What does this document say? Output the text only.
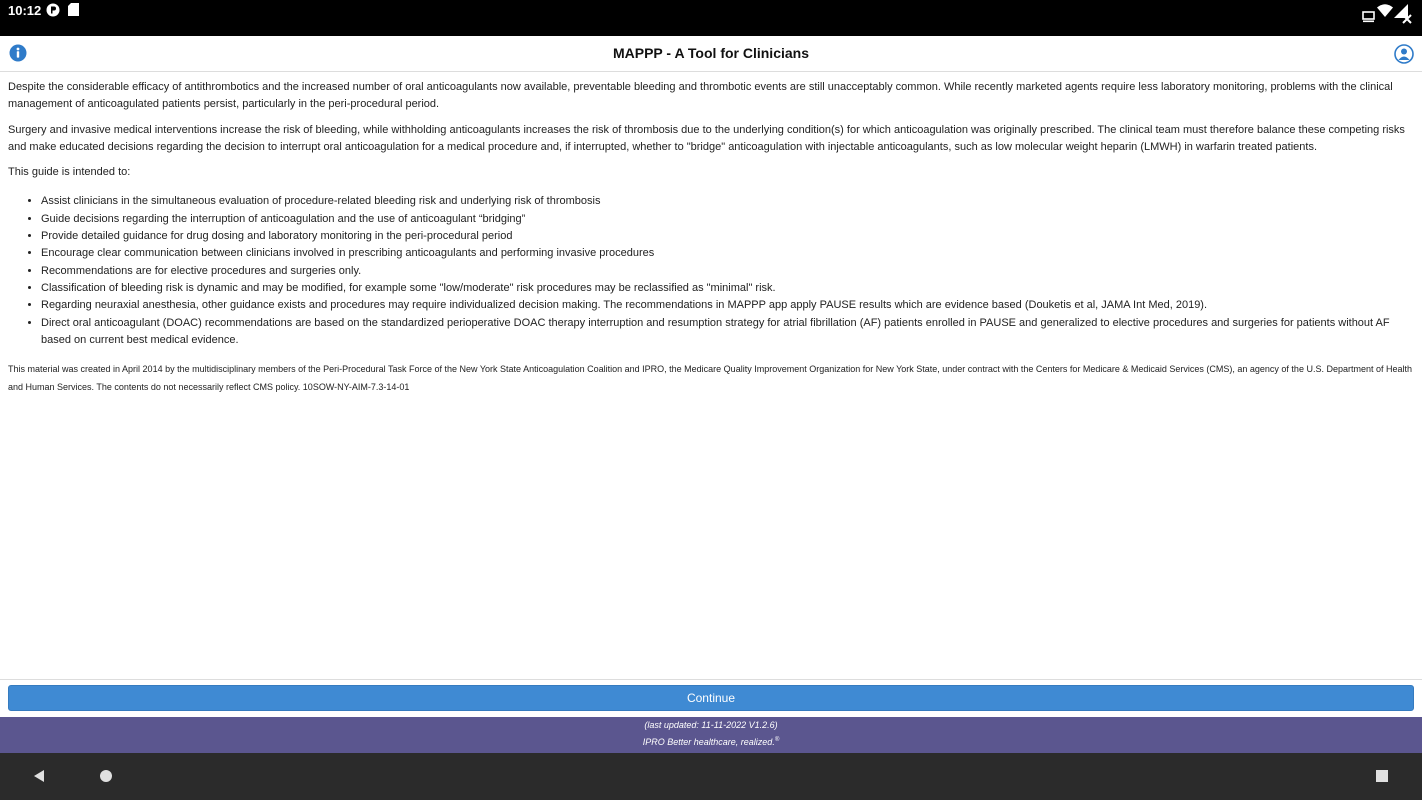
10:12
MAPPP - A Tool for Clinicians

Despite the considerable efficacy of antithrombotics and the increased number of oral anticoagulants now available, preventable bleeding and thrombotic events are still unacceptably common. While recently marketed agents require less laboratory monitoring, problems with the clinical management of anticoagulated patients persist, particularly in the peri-procedural period.

Surgery and invasive medical interventions increase the risk of bleeding, while withholding anticoagulants increases the risk of thrombosis due to the underlying condition(s) for which anticoagulation was originally prescribed. The clinical team must therefore balance these competing risks and make educated decisions regarding the decision to interrupt oral anticoagulation for a medical procedure and, if interrupted, whether to "bridge" anticoagulation with injectable anticoagulants, such as low molecular weight heparin (LMWH) in warfarin treated patients.

This guide is intended to:

• Assist clinicians in the simultaneous evaluation of procedure-related bleeding risk and underlying risk of thrombosis
• Guide decisions regarding the interruption of anticoagulation and the use of anticoagulant “bridging”
• Provide detailed guidance for drug dosing and laboratory monitoring in the peri-procedural period
• Encourage clear communication between clinicians involved in prescribing anticoagulants and performing invasive procedures
• Recommendations are for elective procedures and surgeries only.
• Classification of bleeding risk is dynamic and may be modified, for example some "low/moderate" risk procedures may be reclassified as "minimal" risk.
• Regarding neuraxial anesthesia, other guidance exists and procedures may require individualized decision making. The recommendations in MAPPP app apply PAUSE results which are evidence based (Douketis et al, JAMA Int Med, 2019).
• Direct oral anticoagulant (DOAC) recommendations are based on the standardized perioperative DOAC therapy interruption and resumption strategy for atrial fibrillation (AF) patients enrolled in PAUSE and generalized to elective procedures and surgeries for patients without AF based on current best medical evidence.

This material was created in April 2014 by the multidisciplinary members of the Peri-Procedural Task Force of the New York State Anticoagulation Coalition and IPRO, the Medicare Quality Improvement Organization for New York State, under contract with the Centers for Medicare & Medicaid Services (CMS), an agency of the U.S. Department of Health and Human Services. The contents do not necessarily reflect CMS policy. 10SOW-NY-AIM-7.3-14-01

Continue
(last updated: 11-11-2022 V1.2.6)
IPRO Better healthcare, realized.®
